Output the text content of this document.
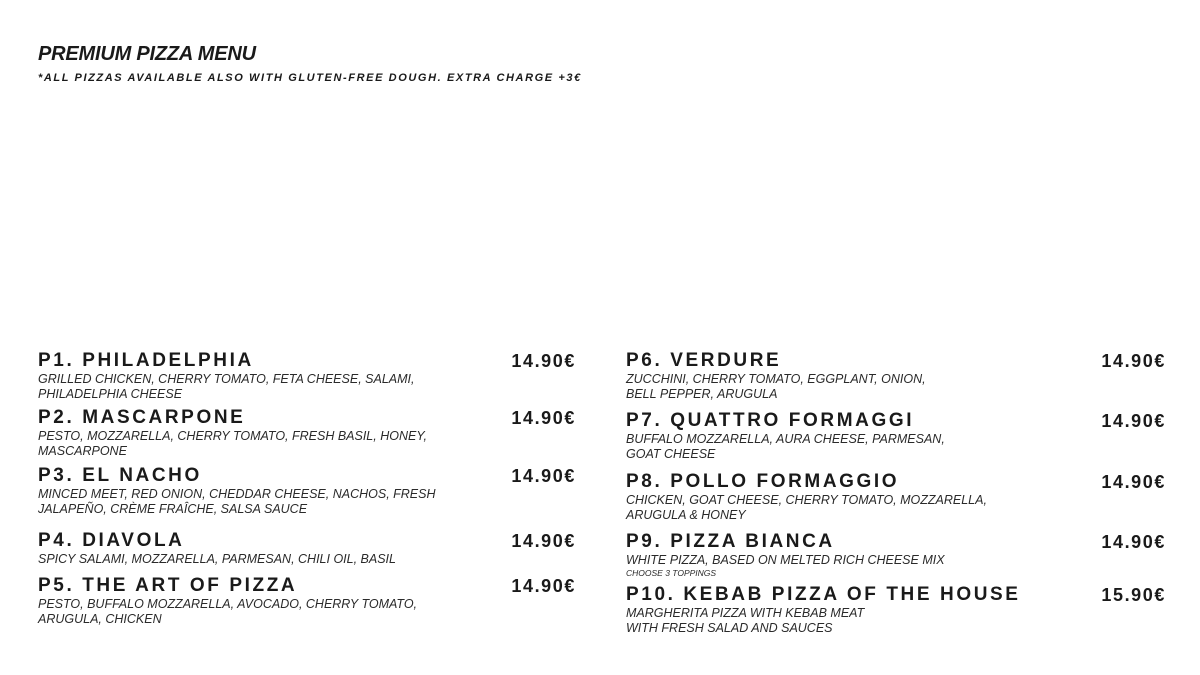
PREMIUM PIZZA MENU
*ALL PIZZAS AVAILABLE ALSO WITH GLUTEN-FREE DOUGH. EXTRA CHARGE +3€
P1. PHILADELPHIA	14.90€
GRILLED CHICKEN, CHERRY TOMATO, FETA CHEESE, SALAMI,
PHILADELPHIA CHEESE
P2. MASCARPONE	14.90€
PESTO, MOZZARELLA, CHERRY TOMATO, FRESH BASIL, HONEY,
MASCARPONE
P3. EL NACHO	14.90€
MINCED MEET, RED ONION, CHEDDAR CHEESE, NACHOS, FRESH
JALAPEÑO, CRÈME FRAÎCHE, SALSA SAUCE
P4. DIAVOLA	14.90€
SPICY SALAMI, MOZZARELLA, PARMESAN, CHILI OIL, BASIL
P5. THE ART OF PIZZA	14.90€
PESTO, BUFFALO MOZZARELLA, AVOCADO, CHERRY TOMATO,
ARUGULA, CHICKEN
P6. VERDURE	14.90€
ZUCCHINI, CHERRY TOMATO, EGGPLANT, ONION,
BELL PEPPER, ARUGULA
P7. QUATTRO FORMAGGI	14.90€
BUFFALO MOZZARELLA, AURA CHEESE, PARMESAN,
GOAT CHEESE
P8. POLLO FORMAGGIO	14.90€
CHICKEN, GOAT CHEESE, CHERRY TOMATO, MOZZARELLA,
ARUGULA & HONEY
P9. PIZZA BIANCA	14.90€
WHITE PIZZA, BASED ON MELTED RICH CHEESE MIX
CHOOSE 3 TOPPINGS
P10. KEBAB PIZZA OF THE HOUSE	15.90€
MARGHERITA PIZZA WITH KEBAB MEAT
WITH FRESH SALAD AND SAUCES
